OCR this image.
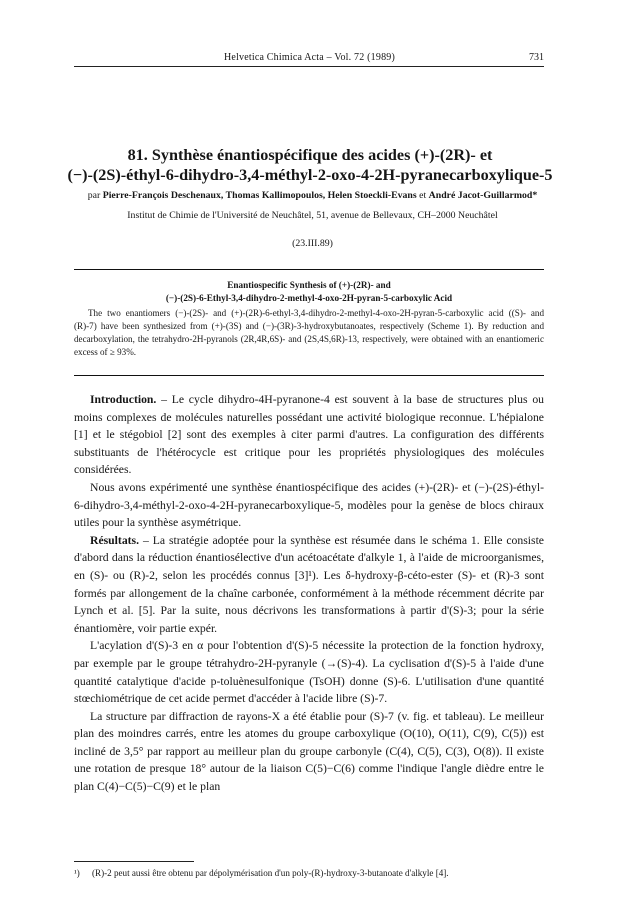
Helvetica Chimica Acta – Vol. 72 (1989)	731
81. Synthèse énantiospécifique des acides (+)-(2R)- et
(−)-(2S)-éthyl-6-dihydro-3,4-méthyl-2-oxo-4-2H-pyranecarboxylique-5
par Pierre-François Deschenaux, Thomas Kallimopoulos, Helen Stoeckli-Evans et André Jacot-Guillarmod*
Institut de Chimie de l'Université de Neuchâtel, 51, avenue de Bellevaux, CH–2000 Neuchâtel
(23.III.89)
Enantiospecific Synthesis of (+)-(2R)- and
(−)-(2S)-6-Ethyl-3,4-dihydro-2-methyl-4-oxo-2H-pyran-5-carboxylic Acid

The two enantiomers (−)-(2S)- and (+)-(2R)-6-ethyl-3,4-dihydro-2-methyl-4-oxo-2H-pyran-5-carboxylic acid ((S)- and (R)-7) have been synthesized from (+)-(3S) and (−)-(3R)-3-hydroxybutanoates, respectively (Scheme 1). By reduction and decarboxylation, the tetrahydro-2H-pyranols (2R,4R,6S)- and (2S,4S,6R)-13, respectively, were obtained with an enantiomeric excess of ≥ 93%.

Introduction. – Le cycle dihydro-4H-pyranone-4 est souvent à la base de structures plus ou moins complexes de molécules naturelles possédant une activité biologique reconnue. L'hépialone [1] et le stégobiol [2] sont des exemples à citer parmi d'autres. La configuration des différents substituants de l'hétérocycle est critique pour les propriétés physiologiques des molécules considérées.

Nous avons expérimenté une synthèse énantiospécifique des acides (+)-(2R)- et (−)-(2S)-éthyl-6-dihydro-3,4-méthyl-2-oxo-4-2H-pyranecarboxylique-5, modèles pour la genèse de blocs chiraux utiles pour la synthèse asymétrique.

Résultats. – La stratégie adoptée pour la synthèse est résumée dans le schéma 1. Elle consiste d'abord dans la réduction énantiosélective d'un acétoacétate d'alkyle 1, à l'aide de microorganismes, en (S)- ou (R)-2, selon les procédés connus [3]¹). Les δ-hydroxy-β-céto-ester (S)- et (R)-3 sont formés par allongement de la chaîne carbonée, conformément à la méthode récemment décrite par Lynch et al. [5]. Par la suite, nous décrivons les transformations à partir d'(S)-3; pour la série énantiomère, voir partie expér.

L'acylation d'(S)-3 en α pour l'obtention d'(S)-5 nécessite la protection de la fonction hydroxy, par exemple par le groupe tétrahydro-2H-pyranyle (→(S)-4). La cyclisation d'(S)-5 à l'aide d'une quantité catalytique d'acide p-toluènesulfonique (TsOH) donne (S)-6. L'utilisation d'une quantité stœchiométrique de cet acide permet d'accéder à l'acide libre (S)-7.

La structure par diffraction de rayons-X a été établie pour (S)-7 (v. fig. et tableau). Le meilleur plan des moindres carrés, entre les atomes du groupe carboxylique (O(10), O(11), C(9), C(5)) est incliné de 3,5° par rapport au meilleur plan du groupe carbonyle (C(4), C(5), C(3), O(8)). Il existe une rotation de presque 18° autour de la liaison C(5)−C(6) comme l'indique l'angle dièdre entre le plan C(4)−C(5)−C(9) et le plan

¹) (R)-2 peut aussi être obtenu par dépolymérisation d'un poly-(R)-hydroxy-3-butanoate d'alkyle [4].
